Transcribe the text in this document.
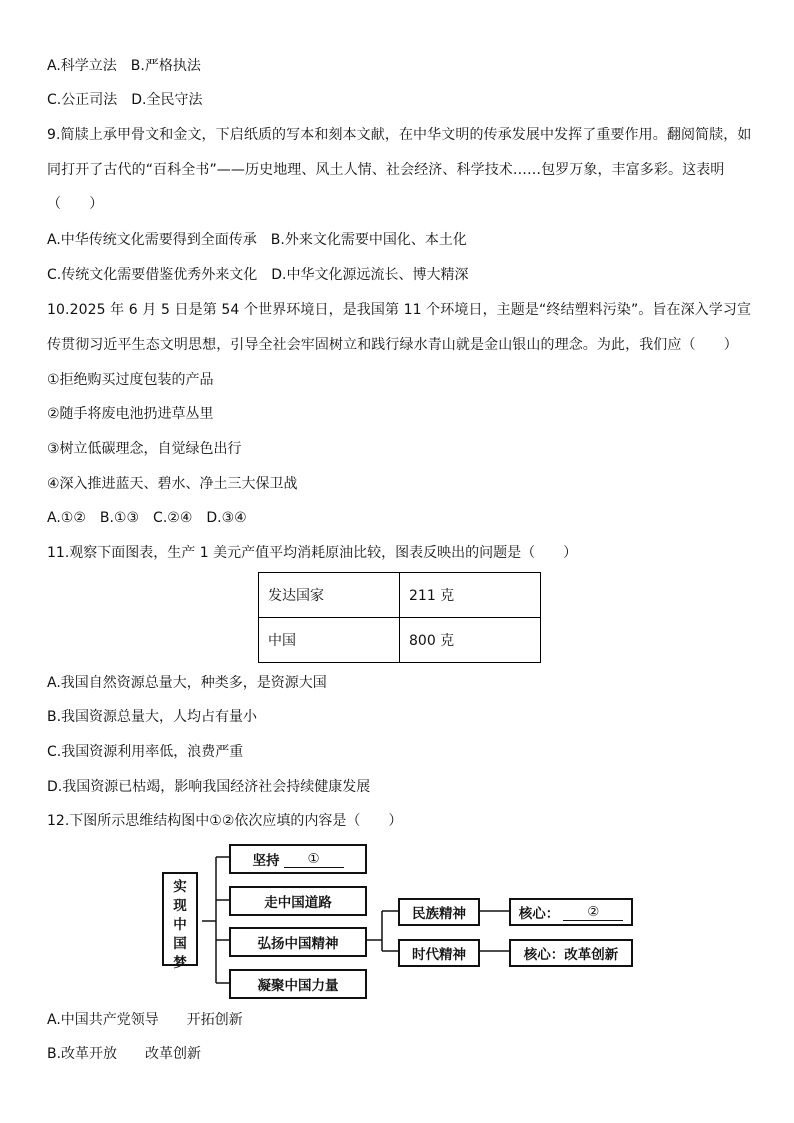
A.科学立法　B.严格执法
C.公正司法　D.全民守法
9.简牍上承甲骨文和金文，下启纸质的写本和刻本文献，在中华文明的传承发展中发挥了重要作用。翻阅简牍，如同打开了古代的“百科全书”——历史地理、风土人情、社会经济、科学技术……包罗万象，丰富多彩。这表明（　　）
A.中华传统文化需要得到全面传承　B.外来文化需要中国化、本土化
C.传统文化需要借鉴优秀外来文化　D.中华文化源远流长、博大精深
10.2025 年 6 月 5 日是第 54 个世界环境日，是我国第 11 个环境日，主题是“终结塑料污染”。旨在深入学习宣传贯彻习近平生态文明思想，引导全社会牢固树立和践行绿水青山就是金山银山的理念。为此，我们应（　　）
①拒绝购买过度包装的产品
②随手将废电池扔进草丛里
③树立低碳理念，自觉绿色出行
④深入推进蓝天、碧水、净土三大保卫战
A.①②　B.①③　C.②④　D.③④
11.观察下面图表，生产 1 美元产值平均消耗原油比较，图表反映出的问题是（　　）
发达国家	211 克
中国	800 克
A.我国自然资源总量大，种类多，是资源大国
B.我国资源总量大，人均占有量小
C.我国资源利用率低，浪费严重
D.我国资源已枯竭，影响我国经济社会持续健康发展
12.下图所示思维结构图中①②依次应填的内容是（　　）
实现中国梦
坚持	①
走中国道路
弘扬中国精神
凝聚中国力量
民族精神
时代精神
核心：	②
核心：改革创新
A.中国共产党领导　　开拓创新
B.改革开放　　改革创新
